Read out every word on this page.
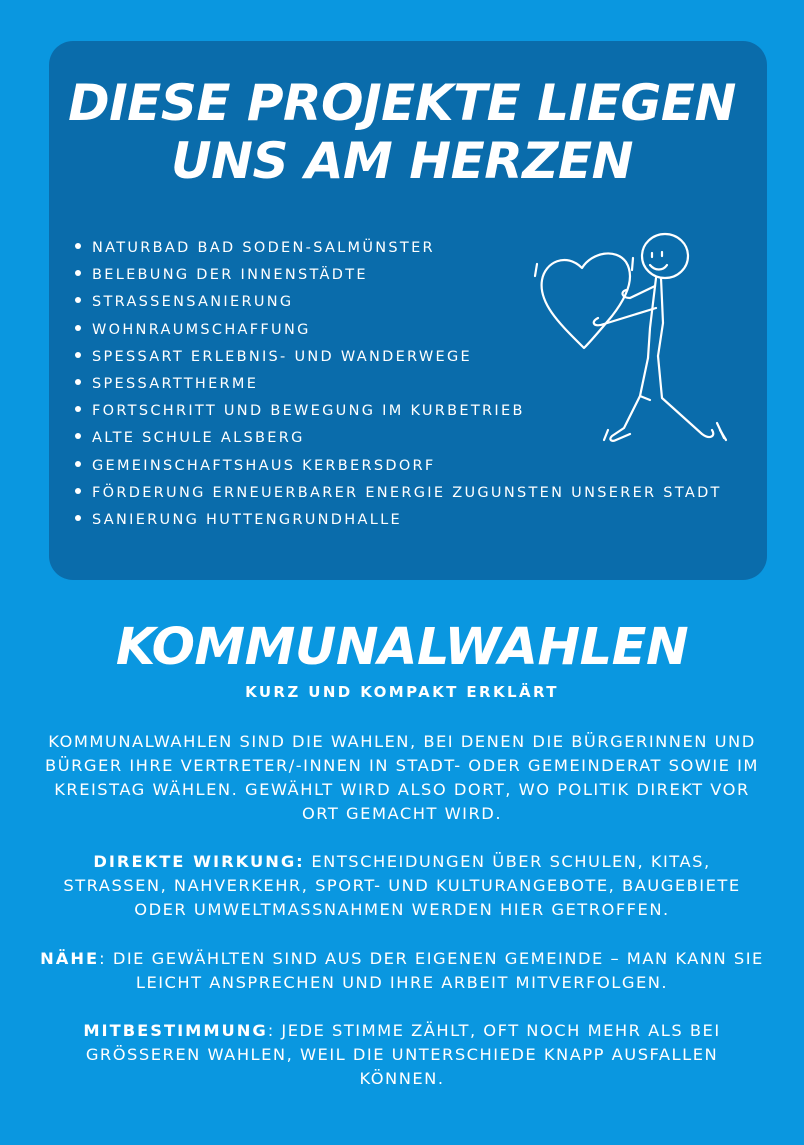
DIESE PROJEKTE LIEGEN
UNS AM HERZEN
NATURBAD BAD SODEN-SALMÜNSTER
BELEBUNG DER INNENSTÄDTE
STRASSENSANIERUNG
WOHNRAUMSCHAFFUNG
SPESSART ERLEBNIS- UND WANDERWEGE
SPESSARTTHERME
FORTSCHRITT UND BEWEGUNG IM KURBETRIEB
ALTE SCHULE ALSBERG
GEMEINSCHAFTSHAUS KERBERSDORF
FÖRDERUNG ERNEUERBARER ENERGIE ZUGUNSTEN UNSERER STADT
SANIERUNG HUTTENGRUNDHALLE
KOMMUNALWAHLEN
KURZ UND KOMPAKT ERKLÄRT

KOMMUNALWAHLEN SIND DIE WAHLEN, BEI DENEN DIE BÜRGERINNEN UND BÜRGER IHRE VERTRETER/-INNEN IN STADT- ODER GEMEINDERAT SOWIE IM KREISTAG WÄHLEN. GEWÄHLT WIRD ALSO DORT, WO POLITIK DIREKT VOR ORT GEMACHT WIRD.

DIREKTE WIRKUNG: ENTSCHEIDUNGEN ÜBER SCHULEN, KITAS, STRASSEN, NAHVERKEHR, SPORT- UND KULTURANGEBOTE, BAUGEBIETE ODER UMWELTMASSNAHMEN WERDEN HIER GETROFFEN.

NÄHE: DIE GEWÄHLTEN SIND AUS DER EIGENEN GEMEINDE – MAN KANN SIE LEICHT ANSPRECHEN UND IHRE ARBEIT MITVERFOLGEN.

MITBESTIMMUNG: JEDE STIMME ZÄHLT, OFT NOCH MEHR ALS BEI GRÖSSEREN WAHLEN, WEIL DIE UNTERSCHIEDE KNAPP AUSFALLEN KÖNNEN.
